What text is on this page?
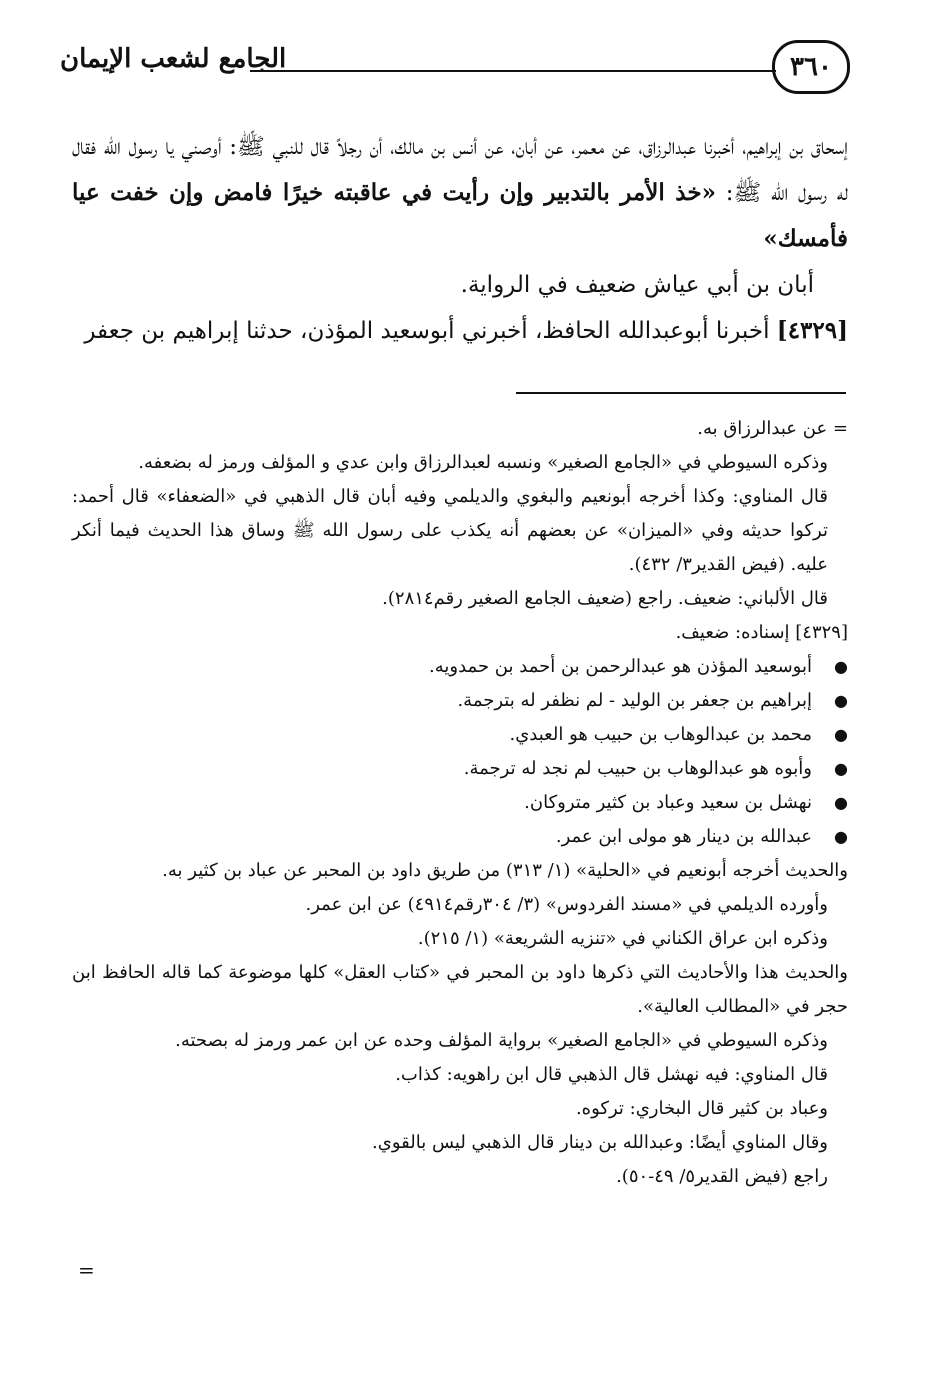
٣٦٠
الجامع لشعب الإيمان

إسحاق بن إبراهيم، أخبرنا عبدالرزاق، عن معمر، عن أبان، عن أنس بن مالك، أن رجلاً قال للنبي ﷺ: أوصني يا رسول الله فقال له رسول الله ﷺ: «خذ الأمر بالتدبير وإن رأيت في عاقبته خيرًا فامض وإن خفت عيا فأمسك»

أبان بن أبي عياش ضعيف في الرواية.

[٤٣٢٩] أخبرنا أبوعبدالله الحافظ، أخبرني أبوسعيد المؤذن، حدثنا إبراهيم بن جعفر

= عن عبدالرزاق به.

وذكره السيوطي في «الجامع الصغير» ونسبه لعبدالرزاق وابن عدي و المؤلف ورمز له بضعفه.

قال المناوي: وكذا أخرجه أبونعيم والبغوي والديلمي وفيه أبان قال الذهبي في «الضعفاء» قال أحمد: تركوا حديثه وفي «الميزان» عن بعضهم أنه يكذب على رسول الله ﷺ وساق هذا الحديث فيما أنكر عليه. (فيض القدير٣/ ٤٣٢).

قال الألباني: ضعيف. راجع (ضعيف الجامع الصغير رقم٢٨١٤).

[٤٣٢٩] إسناده: ضعيف.

●
أبوسعيد المؤذن هو عبدالرحمن بن أحمد بن حمدويه.
●
إبراهيم بن جعفر بن الوليد - لم نظفر له بترجمة.
●
محمد بن عبدالوهاب بن حبيب هو العبدي.
●
وأبوه هو عبدالوهاب بن حبيب لم نجد له ترجمة.
●
نهشل بن سعيد وعباد بن كثير متروكان.
●
عبدالله بن دينار هو مولى ابن عمر.

والحديث أخرجه أبونعيم في «الحلية» (١/ ٣١٣) من طريق داود بن المحبر عن عباد بن كثير به.

وأورده الديلمي في «مسند الفردوس» (٣/ ٣٠٤رقم٤٩١٤) عن ابن عمر.

وذكره ابن عراق الكناني في «تنزيه الشريعة» (١/ ٢١٥).

والحديث هذا والأحاديث التي ذكرها داود بن المحبر في «كتاب العقل» كلها موضوعة كما قاله الحافظ ابن حجر في «المطالب العالية».

وذكره السيوطي في «الجامع الصغير» برواية المؤلف وحده عن ابن عمر ورمز له بصحته.

قال المناوي: فيه نهشل قال الذهبي قال ابن راهويه: كذاب.

وعباد بن كثير قال البخاري: تركوه.

وقال المناوي أيضًا: وعبدالله بن دينار قال الذهبي ليس بالقوي.

راجع (فيض القدير٥/ ٤٩-٥٠).

=
